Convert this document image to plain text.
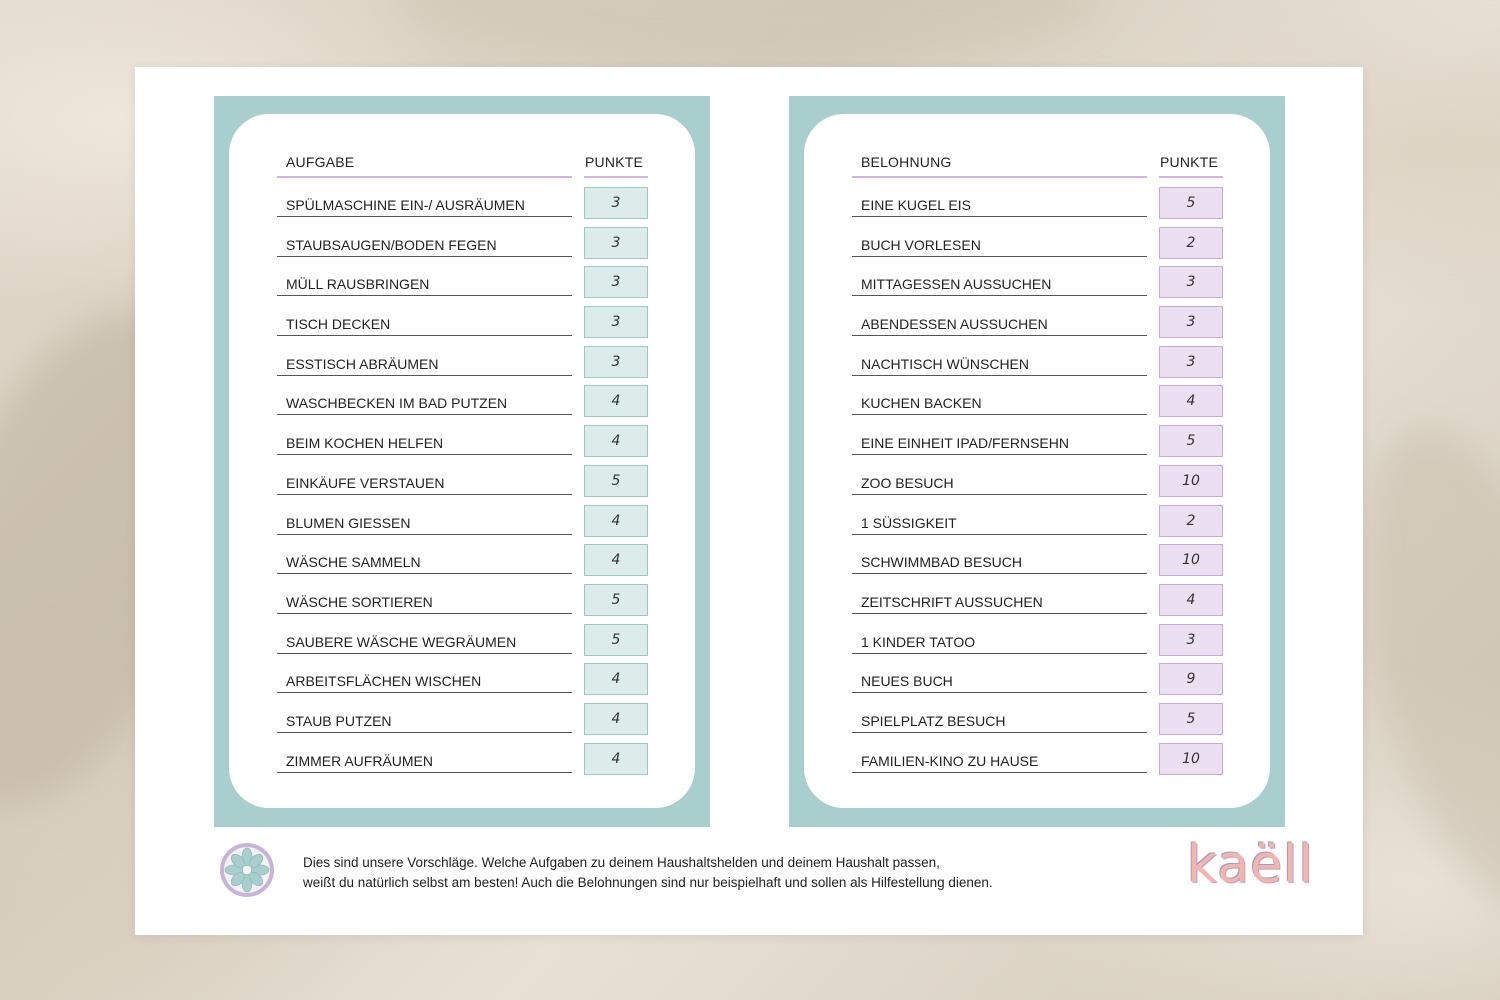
AUFGABE	PUNKTE
SPÜLMASCHINE EIN-/ AUSRÄUMEN	3
STAUBSAUGEN/BODEN FEGEN	3
MÜLL RAUSBRINGEN	3
TISCH DECKEN	3
ESSTISCH ABRÄUMEN	3
WASCHBECKEN IM BAD PUTZEN	4
BEIM KOCHEN HELFEN	4
EINKÄUFE VERSTAUEN	5
BLUMEN GIESSEN	4
WÄSCHE SAMMELN	4
WÄSCHE SORTIEREN	5
SAUBERE WÄSCHE WEGRÄUMEN	5
ARBEITSFLÄCHEN WISCHEN	4
STAUB PUTZEN	4
ZIMMER AUFRÄUMEN	4
BELOHNUNG	PUNKTE
EINE KUGEL EIS	5
BUCH VORLESEN	2
MITTAGESSEN AUSSUCHEN	3
ABENDESSEN AUSSUCHEN	3
NACHTISCH WÜNSCHEN	3
KUCHEN BACKEN	4
EINE EINHEIT IPAD/FERNSEHN	5
ZOO BESUCH	10
1 SÜSSIGKEIT	2
SCHWIMMBAD BESUCH	10
ZEITSCHRIFT AUSSUCHEN	4
1 KINDER TATOO	3
NEUES BUCH	9
SPIELPLATZ BESUCH	5
FAMILIEN-KINO ZU HAUSE	10
Dies sind unsere Vorschläge. Welche Aufgaben zu deinem Haushaltshelden und deinem Haushalt passen,
weißt du natürlich selbst am besten! Auch die Belohnungen sind nur beispielhaft und sollen als Hilfestellung dienen.	kaëll
